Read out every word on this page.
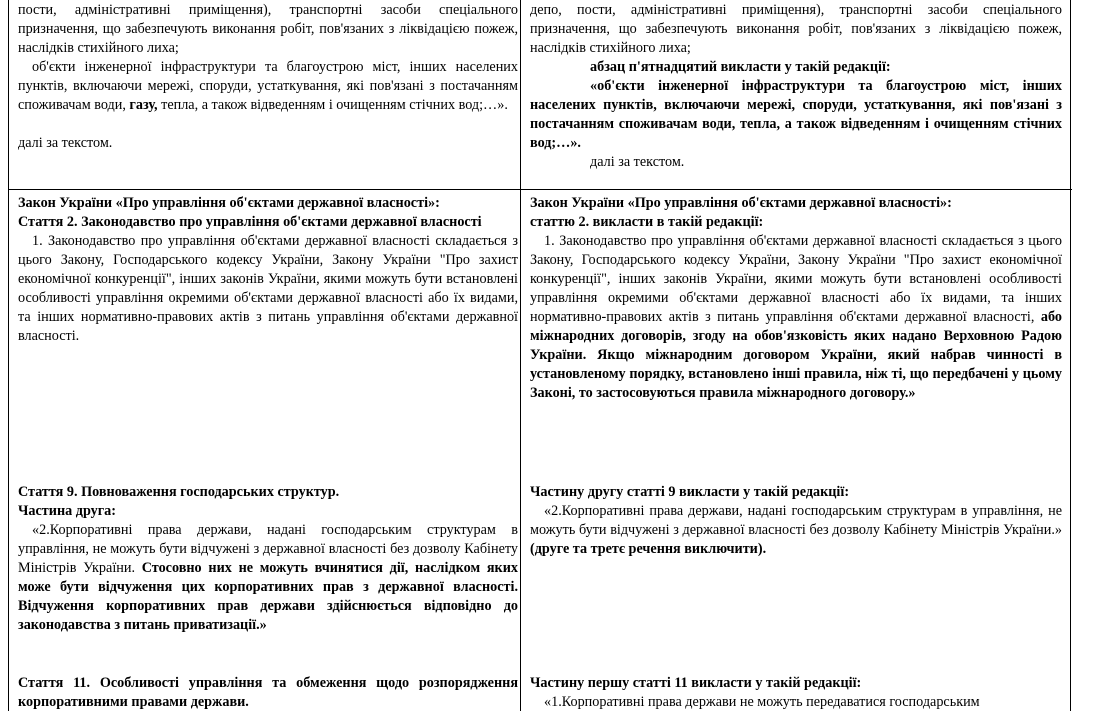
пости, адміністративні приміщення), транспортні засоби спеціального призначення, що забезпечують виконання робіт, пов'язаних з ліквідацією пожеж, наслідків стихійного лиха;

об'єкти інженерної інфраструктури та благоустрою міст, інших населених пунктів, включаючи мережі, споруди, устаткування, які пов'язані з постачанням споживачам води, газу, тепла, а також відведенням і очищенням стічних вод;…».

далі за текстом.

депо, пости, адміністративні приміщення), транспортні засоби спеціального призначення, що забезпечують виконання робіт, пов'язаних з ліквідацією пожеж, наслідків стихійного лиха;

абзац п'ятнадцятий викласти у такій редакції:

«об'єкти інженерної інфраструктури та благоустрою міст, інших населених пунктів, включаючи мережі, споруди, устаткування, які пов'язані з постачанням споживачам води, тепла, а також відведенням і очищенням стічних вод;…».

далі за текстом.

Закон України «Про управління об'єктами державної власності»:

Стаття 2. Законодавство про управління об'єктами державної власності

1. Законодавство про управління об'єктами державної власності складається з цього Закону, Господарського кодексу України, Закону України "Про захист економічної конкуренції", інших законів України, якими можуть бути встановлені особливості управління окремими об'єктами державної власності або їх видами, та інших нормативно-правових актів з питань управління об'єктами державної власності.

Закон України «Про управління об'єктами державної власності»:

статтю 2. викласти в такій редакції:

1. Законодавство про управління об'єктами державної власності складається з цього Закону, Господарського кодексу України, Закону України "Про захист економічної конкуренції", інших законів України, якими можуть бути встановлені особливості управління окремими об'єктами державної власності або їх видами, та інших нормативно-правових актів з питань управління об'єктами державної власності, або міжнародних договорів, згоду на обов'язковість яких надано Верховною Радою України. Якщо міжнародним договором України, який набрав чинності в установленому порядку, встановлено інші правила, ніж ті, що передбачені у цьому Законі, то застосовуються правила міжнародного договору.»

Стаття 9. Повноваження господарських структур.

Частина друга:

«2.Корпоративні права держави, надані господарським структурам в управління, не можуть бути відчужені з державної власності без дозволу Кабінету Міністрів України. Стосовно них не можуть вчинятися дії, наслідком яких може бути відчуження цих корпоративних прав з державної власності. Відчуження корпоративних прав держави здійснюється відповідно до законодавства з питань приватизації.»

Частину другу статті 9 викласти у такій редакції:

«2.Корпоративні права держави, надані господарським структурам в управління, не можуть бути відчужені з державної власності без дозволу Кабінету Міністрів України.» (друге та третє речення виключити).

Стаття 11. Особливості управління та обмеження щодо розпорядження корпоративними правами держави.

Частину першу статті 11 викласти у такій редакції:

«1.Корпоративні права держави не можуть передаватися господарським
